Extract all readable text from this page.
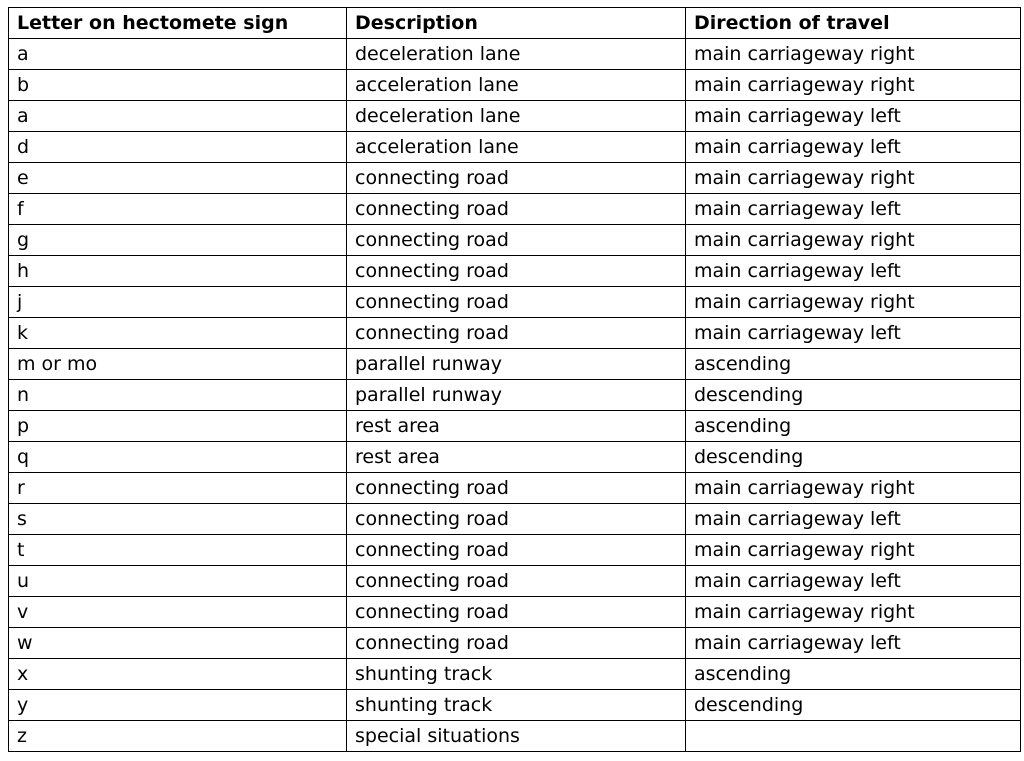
Letter on hectomete sign	Description	Direction of travel
a	deceleration lane	main carriageway right
b	acceleration lane	main carriageway right
a	deceleration lane	main carriageway left
d	acceleration lane	main carriageway left
e	connecting road	main carriageway right
f	connecting road	main carriageway left
g	connecting road	main carriageway right
h	connecting road	main carriageway left
j	connecting road	main carriageway right
k	connecting road	main carriageway left
m or mo	parallel runway	ascending
n	parallel runway	descending
p	rest area	ascending
q	rest area	descending
r	connecting road	main carriageway right
s	connecting road	main carriageway left
t	connecting road	main carriageway right
u	connecting road	main carriageway left
v	connecting road	main carriageway right
w	connecting road	main carriageway left
x	shunting track	ascending
y	shunting track	descending
z	special situations	
